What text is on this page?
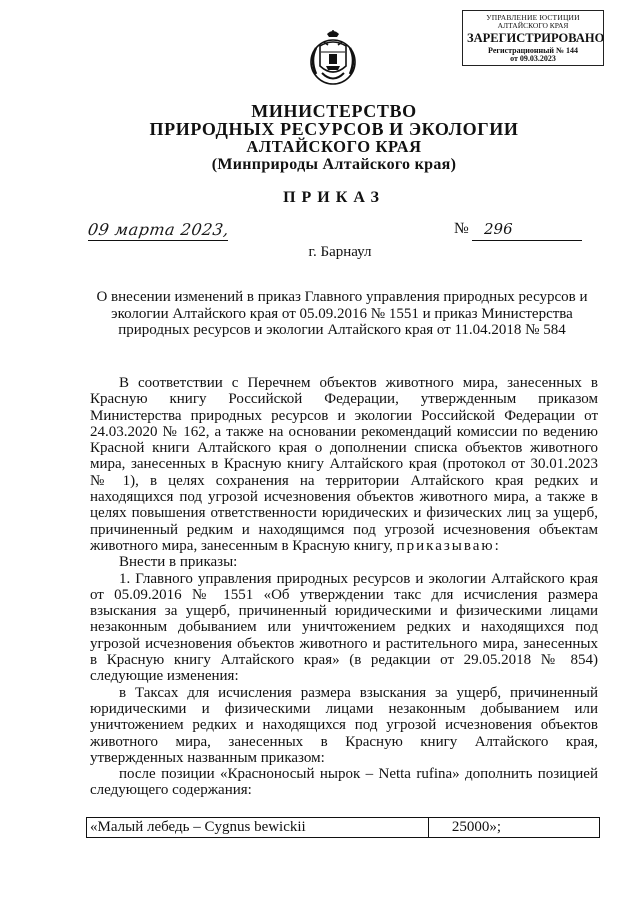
УПРАВЛЕНИЕ ЮСТИЦИИ
АЛТАЙСКОГО КРАЯ
ЗАРЕГИСТРИРОВАНО
Регистрационный № 144
от 09.03.2023
МИНИСТЕРСТВО
ПРИРОДНЫХ РЕСУРСОВ И ЭКОЛОГИИ
АЛТАЙСКОГО КРАЯ
(Минприроды Алтайского края)
ПРИКАЗ
09 марта 2023,	№ 296
г. Барнаул
О внесении изменений в приказ Главного управления природных ресурсов и экологии Алтайского края от 05.09.2016 № 1551 и приказ Министерства природных ресурсов и экологии Алтайского края от 11.04.2018 № 584

В соответствии с Перечнем объектов животного мира, занесенных в Красную книгу Российской Федерации, утвержденным приказом Министерства природных ресурсов и экологии Российской Федерации от 24.03.2020 № 162, а также на основании рекомендаций комиссии по ведению Красной книги Алтайского края о дополнении списка объектов животного мира, занесенных в Красную книгу Алтайского края (протокол от 30.01.2023 № 1), в целях сохранения на территории Алтайского края редких и находящихся под угрозой исчезновения объектов животного мира, а также в целях повышения ответственности юридических и физических лиц за ущерб, причиненный редким и находящимся под угрозой исчезновения объектам животного мира, занесенным в Красную книгу, приказываю:

Внести в приказы:

1. Главного управления природных ресурсов и экологии Алтайского края от 05.09.2016 № 1551 «Об утверждении такс для исчисления размера взыскания за ущерб, причиненный юридическими и физическими лицами незаконным добыванием или уничтожением редких и находящихся под угрозой исчезновения объектов животного и растительного мира, занесенных в Красную книгу Алтайского края» (в редакции от 29.05.2018 № 854) следующие изменения:

в Таксах для исчисления размера взыскания за ущерб, причиненный юридическими и физическими лицами незаконным добыванием или уничтожением редких и находящихся под угрозой исчезновения объектов животного мира, занесенных в Красную книгу Алтайского края, утвержденных названным приказом:

после позиции «Красноносый нырок – Netta rufina» дополнить позицией следующего содержания:

«Малый лебедь – Cygnus bewickii	25000»;
